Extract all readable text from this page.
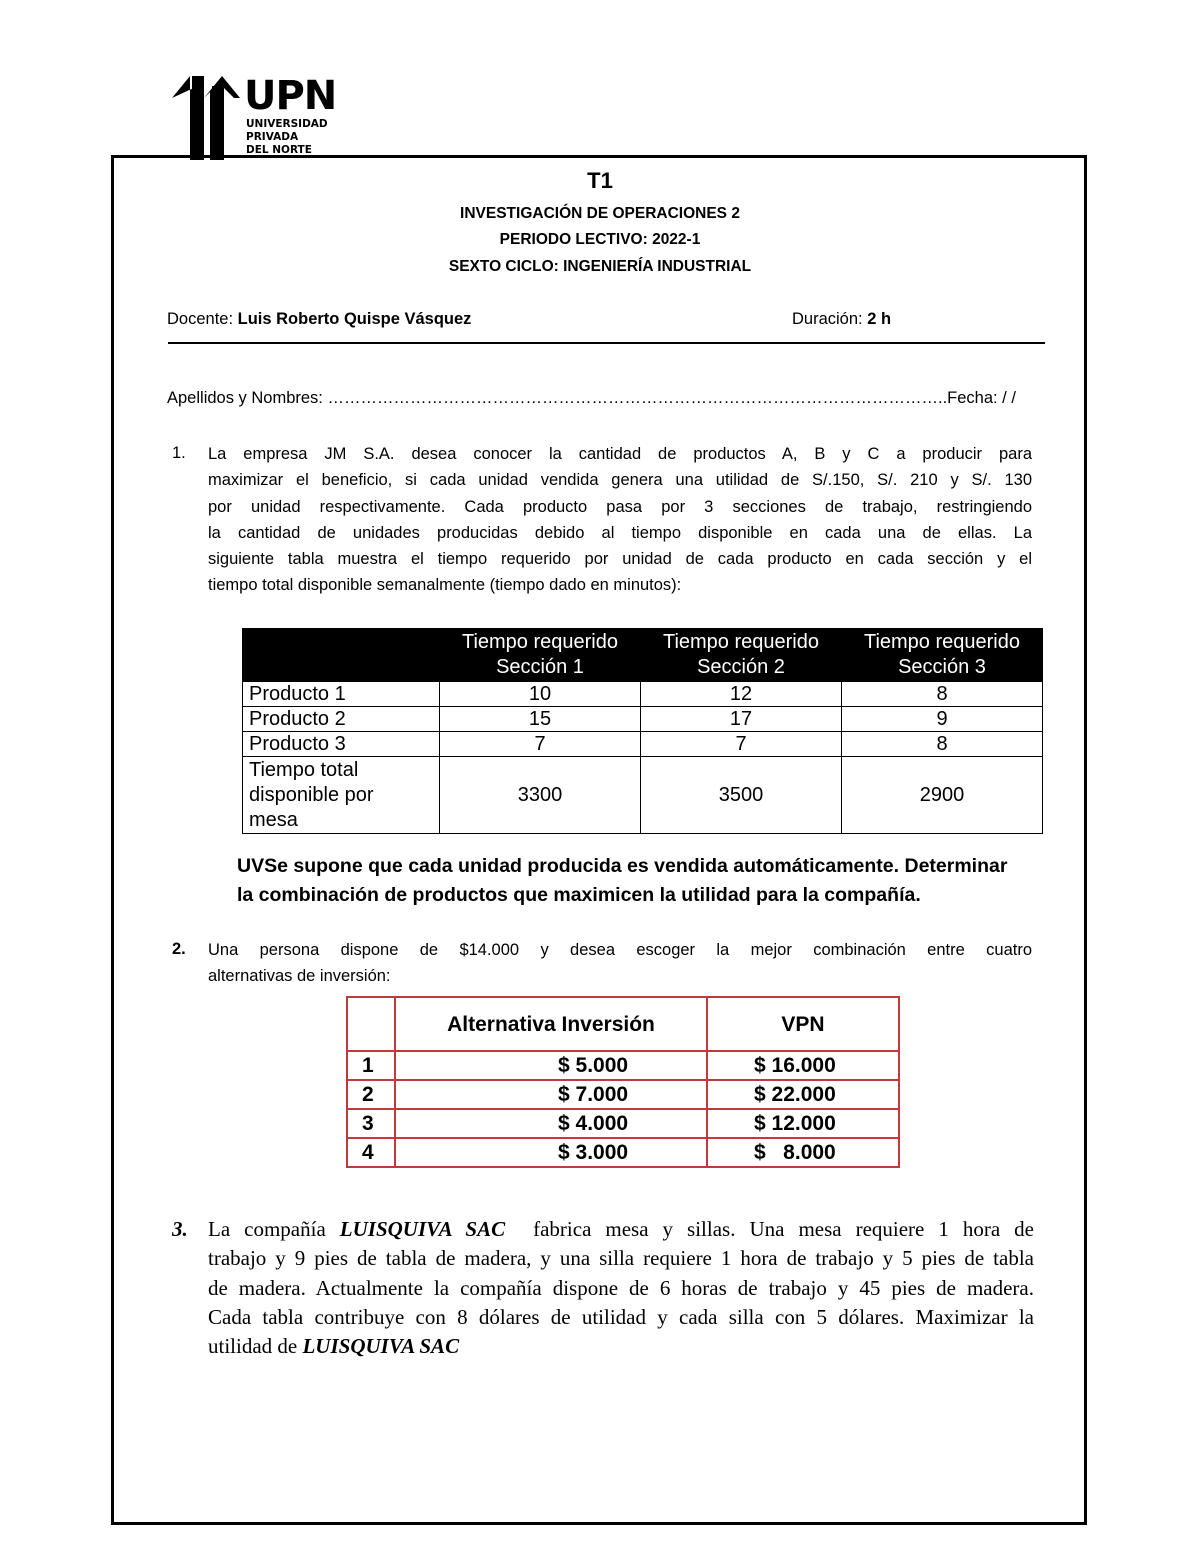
UPN
UNIVERSIDAD
PRIVADA
DEL NORTE
T1
INVESTIGACIÓN DE OPERACIONES 2
PERIODO LECTIVO: 2022-1
SEXTO CICLO: INGENIERÍA INDUSTRIAL
Docente: Luis Roberto Quispe Vásquez	Duración: 2 h
Apellidos y Nombres: …………………………………………………………………………………………………..Fecha: / /
1. La empresa JM S.A. desea conocer la cantidad de productos A, B y C a producir para
maximizar el beneficio, si cada unidad vendida genera una utilidad de S/.150, S/. 210 y S/. 130
por unidad respectivamente. Cada producto pasa por 3 secciones de trabajo, restringiendo
la cantidad de unidades producidas debido al tiempo disponible en cada una de ellas. La
siguiente tabla muestra el tiempo requerido por unidad de cada producto en cada sección y el
tiempo total disponible semanalmente (tiempo dado en minutos):
	Tiempo requerido
Sección 1	Tiempo requerido
Sección 2	Tiempo requerido
Sección 3
Producto 1	10	12	8
Producto 2	15	17	9
Producto 3	7	7	8
Tiempo total
disponible por
mesa	3300	3500	2900
UVSe supone que cada unidad producida es vendida automáticamente. Determinar
la combinación de productos que maximicen la utilidad para la compañía.
2. Una persona dispone de $14.000 y desea escoger la mejor combinación entre cuatro
alternativas de inversión:
	Alternativa Inversión	VPN
1	$ 5.000	$ 16.000
2	$ 7.000	$ 22.000
3	$ 4.000	$ 12.000
4	$ 3.000	$   8.000
3. La compañía LUISQUIVA SAC  fabrica mesa y sillas. Una mesa requiere 1 hora de
trabajo y 9 pies de tabla de madera, y una silla requiere 1 hora de trabajo y 5 pies de tabla
de madera. Actualmente la compañía dispone de 6 horas de trabajo y 45 pies de madera.
Cada tabla contribuye con 8 dólares de utilidad y cada silla con 5 dólares. Maximizar la
utilidad de LUISQUIVA SAC
